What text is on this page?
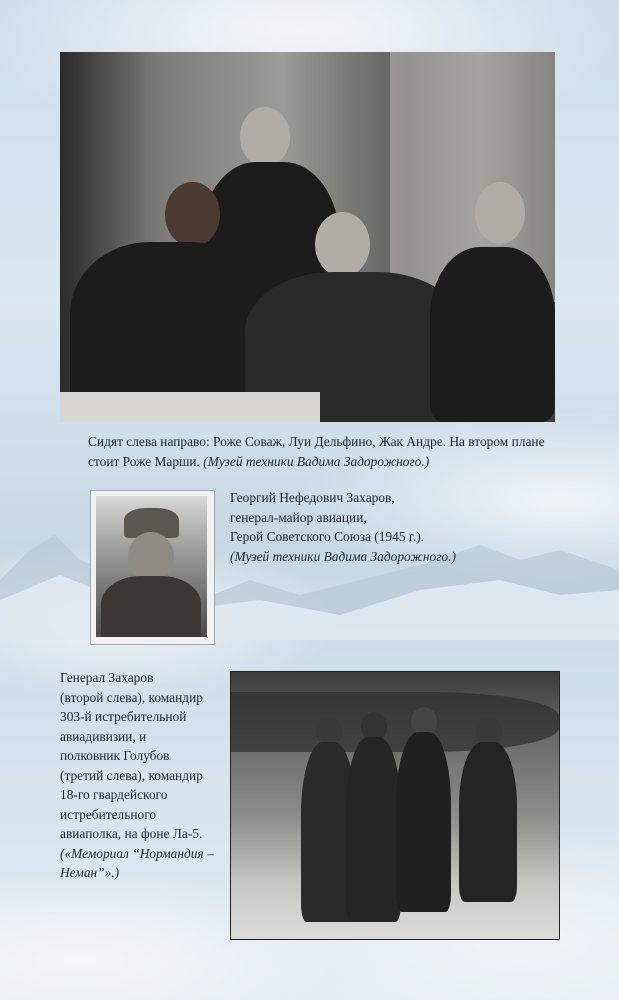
Сидят слева направо: Роже Соваж, Луи Дельфино, Жак Андре. На втором плане стоит Роже Марши. (Музей техники Вадима Задорожного.)
Георгий Нефедович Захаров,
генерал-майор авиации,
Герой Советского Союза (1945 г.).
(Музей техники Вадима Задорожного.)
Генерал Захаров
(второй слева), командир
303-й истребительной
авиадивизии, и
полковник Голубов
(третий слева), командир
18-го гвардейского
истребительного
авиаполка, на фоне Ла-5.
(«Мемориал “Нормандия –
Неман”».)
